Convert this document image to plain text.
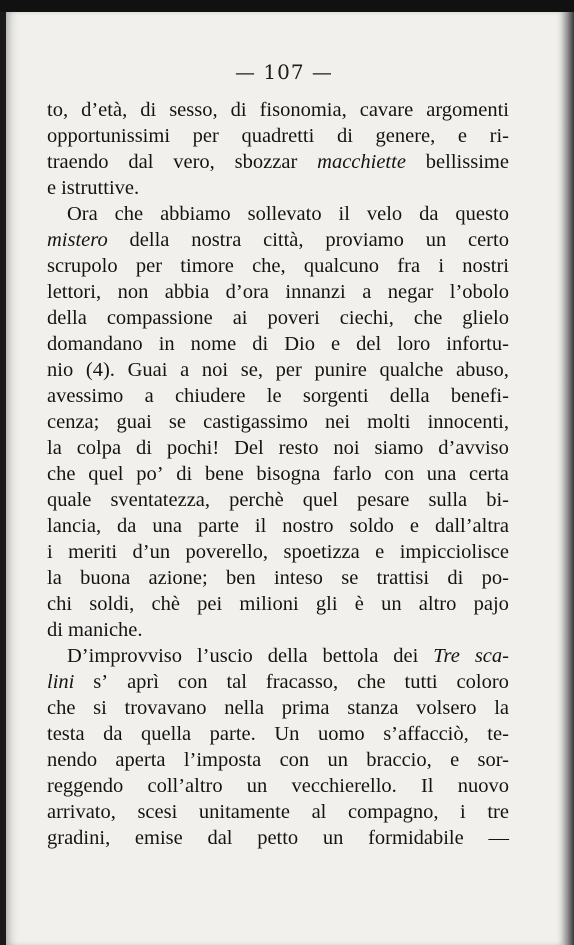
— 107 —
to, d’età, di sesso, di fisonomia, cavare argomenti
opportunissimi per quadretti di genere, e ri-
traendo dal vero, sbozzar macchiette bellissime
e istruttive.
Ora che abbiamo sollevato il velo da questo
mistero della nostra città, proviamo un certo
scrupolo per timore che, qualcuno fra i nostri
lettori, non abbia d’ora innanzi a negar l’obolo
della compassione ai poveri ciechi, che glielo
domandano in nome di Dio e del loro infortu-
nio (4). Guai a noi se, per punire qualche abuso,
avessimo a chiudere le sorgenti della benefi-
cenza; guai se castigassimo nei molti innocenti,
la colpa di pochi! Del resto noi siamo d’avviso
che quel po’ di bene bisogna farlo con una certa
quale sventatezza, perchè quel pesare sulla bi-
lancia, da una parte il nostro soldo e dall’altra
i meriti d’un poverello, spoetizza e impicciolisce
la buona azione; ben inteso se trattisi di po-
chi soldi, chè pei milioni gli è un altro pajo
di maniche.
D’improvviso l’uscio della bettola dei Tre sca-
lini s’ aprì con tal fracasso, che tutti coloro
che si trovavano nella prima stanza volsero la
testa da quella parte. Un uomo s’affacciò, te-
nendo aperta l’imposta con un braccio, e sor-
reggendo coll’altro un vecchierello. Il nuovo
arrivato, scesi unitamente al compagno, i tre
gradini, emise dal petto un formidabile —
